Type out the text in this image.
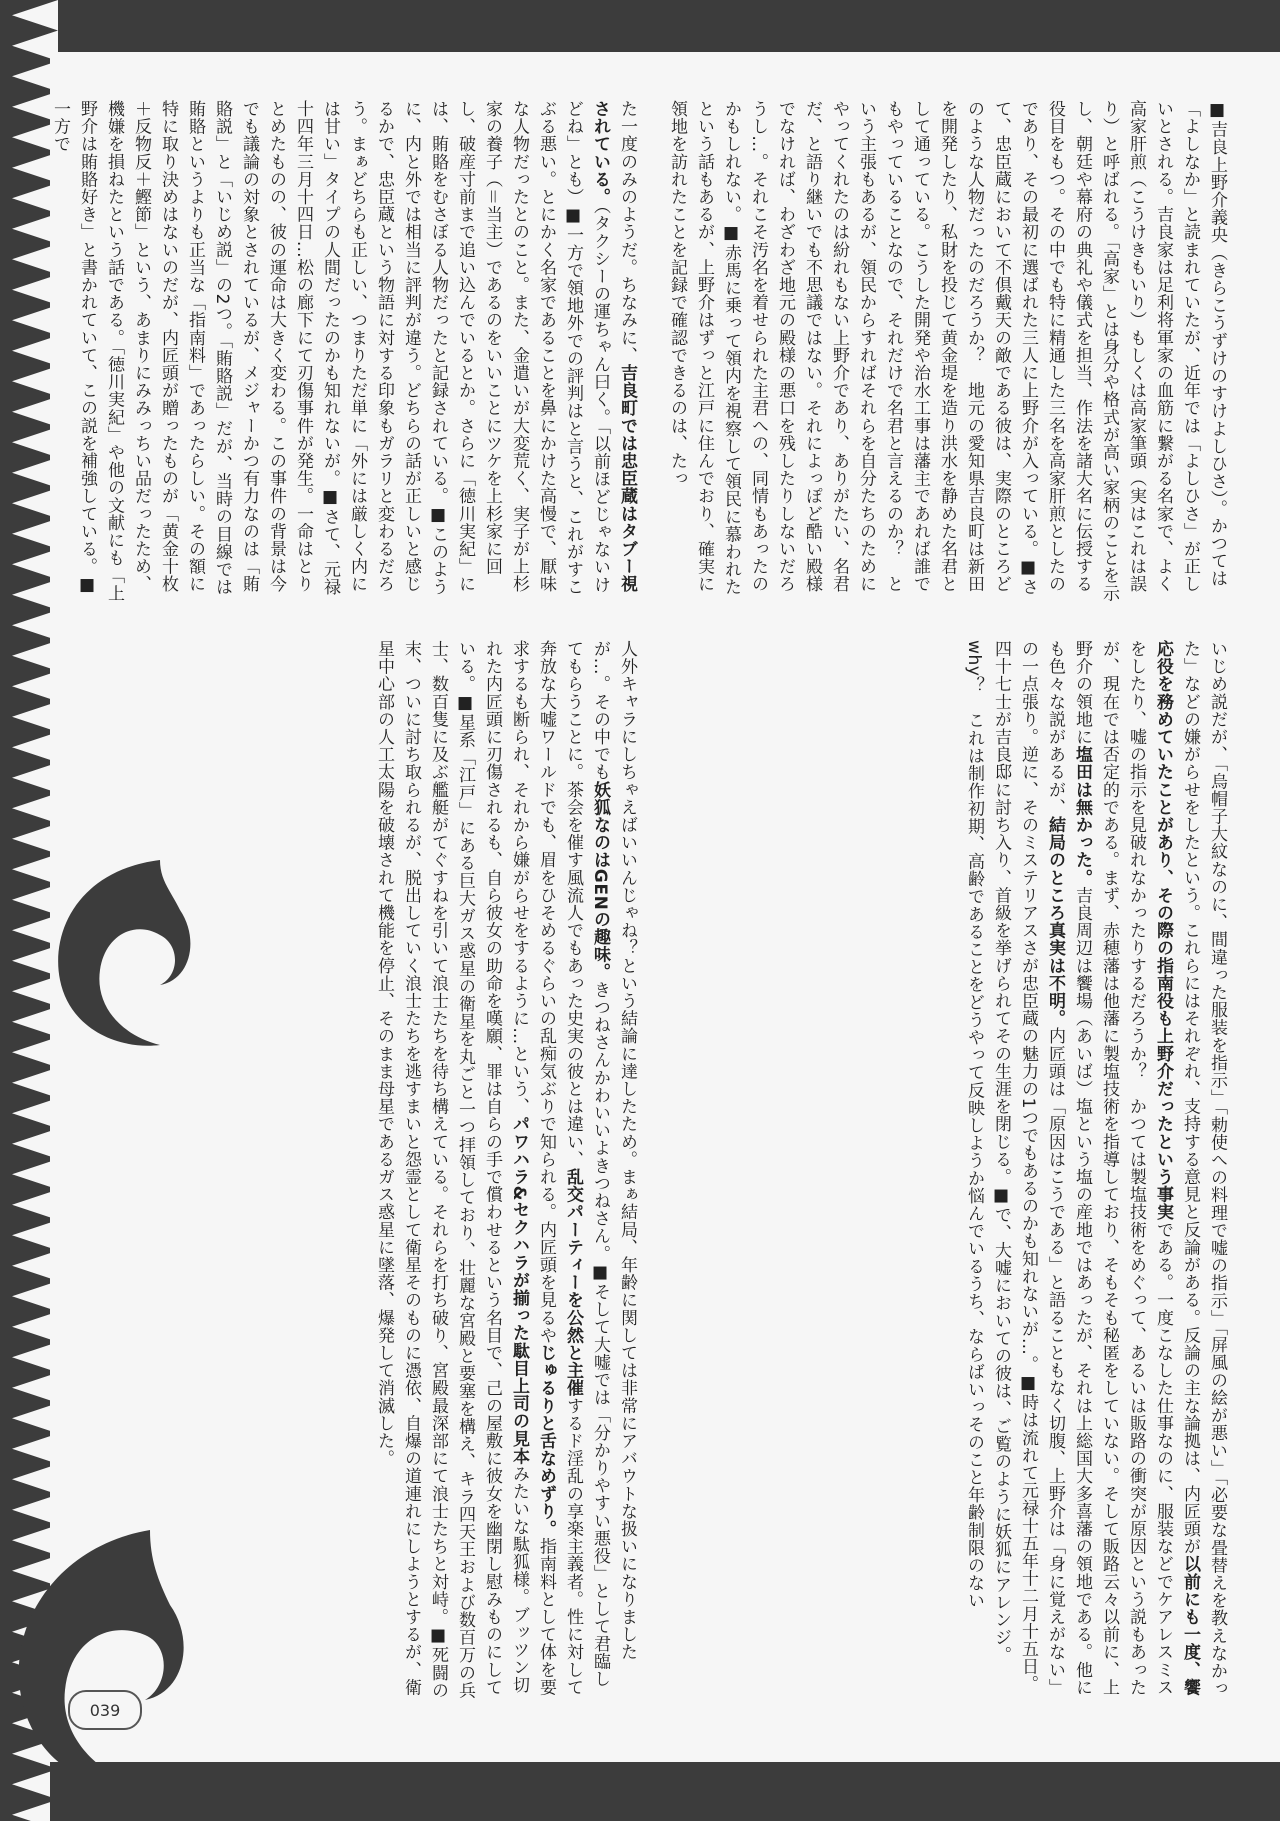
■吉良上野介義央（きらこうずけのすけよしひさ）。かつては「よしなか」と読まれていたが、近年では「よしひさ」が正しいとされる。吉良家は足利将軍家の血筋に繋がる名家で、よく高家肝煎（こうけきもいり）もしくは高家筆頭（実はこれは誤り）と呼ばれる。「高家」とは身分や格式が高い家柄のことを示し、朝廷や幕府の典礼や儀式を担当、作法を諸大名に伝授する役目をもつ。その中でも特に精通した三名を高家肝煎としたのであり、その最初に選ばれた三人に上野介が入っている。■さて、忠臣蔵において不倶戴天の敵である彼は、実際のところどのような人物だったのだろうか？　地元の愛知県吉良町は新田を開発したり、私財を投じて黄金堤を造り洪水を静めた名君として通っている。こうした開発や治水工事は藩主であれば誰でもやっていることなので、それだけで名君と言えるのか？　という主張もあるが、領民からすればそれらを自分たちのためにやってくれたのは紛れもない上野介であり、ありがたい、名君だ、と語り継いでも不思議ではない。それによっぽど酷い殿様でなければ、わざわざ地元の殿様の悪口を残したりしないだろうし…。それこそ汚名を着せられた主君への、同情もあったのかもしれない。■赤馬に乗って領内を視察して領民に慕われたという話もあるが、上野介はずっと江戸に住んでおり、確実に領地を訪れたことを記録で確認できるのは、たっ
た一度のみのようだ。ちなみに、吉良町では忠臣蔵はタブー視されている。（タクシーの運ちゃん曰く。「以前ほどじゃないけどね」とも）■一方で領地外での評判はと言うと、これがすこぶる悪い。とにかく名家であることを鼻にかけた高慢で、厭味な人物だったとのこと。また、金遣いが大変荒く、実子が上杉家の養子（＝当主）であるのをいいことにツケを上杉家に回し、破産寸前まで追い込んでいるとか。さらに「徳川実紀」には、賄賂をむさぼる人物だったと記録されている。■このように、内と外では相当に評判が違う。どちらの話が正しいと感じるかで、忠臣蔵という物語に対する印象もガラリと変わるだろう。まぁどちらも正しい、つまりただ単に「外には厳しく内には甘い」タイプの人間だったのかも知れないが。■さて、元禄十四年三月十四日…松の廊下にて刃傷事件が発生。一命はとりとめたものの、彼の運命は大きく変わる。この事件の背景は今でも議論の対象とされているが、メジャーかつ有力なのは「賄賂説」と「いじめ説」の2つ。「賄賂説」だが、当時の目線では賄賂というよりも正当な「指南料」であったらしい。その額に特に取り決めはないのだが、内匠頭が贈ったものが「黄金十枚＋反物反＋鰹節」という、あまりにみみっちい品だったため、機嫌を損ねたという話である。「徳川実紀」や他の文献にも「上野介は賄賂好き」と書かれていて、この説を補強している。■一方で
いじめ説だが、「烏帽子大紋なのに、間違った服装を指示」「勅使への料理で嘘の指示」「屏風の絵が悪い」「必要な畳替えを教えなかった」などの嫌がらせをしたという。これらにはそれぞれ、支持する意見と反論がある。反論の主な論拠は、内匠頭が以前にも一度、饗応役を務めていたことがあり、その際の指南役も上野介だったという事実である。一度こなした仕事なのに、服装などでケアレスミスをしたり、嘘の指示を見破れなかったりするだろうか？　かつては製塩技術をめぐって、あるいは販路の衝突が原因という説もあったが、現在では否定的である。まず、赤穂藩は他藩に製塩技術を指導しており、そもそも秘匿をしていない。そして販路云々以前に、上野介の領地に塩田は無かった。吉良周辺は饗場（あいば）塩という塩の産地ではあったが、それは上総国大多喜藩の領地である。他にも色々な説があるが、結局のところ真実は不明。内匠頭は「原因はこうである」と語ることもなく切腹、上野介は「身に覚えがない」の一点張り。逆に、そのミステリアスさが忠臣蔵の魅力の1つでもあるのかも知れないが…。■時は流れて元禄十五年十二月十五日。四十七士が吉良邸に討ち入り、首級を挙げられてその生涯を閉じる。■で、大嘘においての彼は、ご覧のように妖狐にアレンジ。why？　これは制作初期、高齢であることをどうやって反映しようか悩んでいるうち、ならばいっそのこと年齢制限のない
人外キャラにしちゃえばいいんじゃね？という結論に達したため。まぁ結局、年齢に関しては非常にアバウトな扱いになりましたが…。その中でも妖狐なのはGENの趣味。きつねさんかわいいよきつねさん。■そして大嘘では「分かりやすい悪役」として君臨してもらうことに。茶会を催す風流人でもあった史実の彼とは違い、乱交パーティーを公然と主催するド淫乱の享楽主義者。性に対して奔放な大嘘ワールドでも、眉をひそめるぐらいの乱痴気ぶりで知られる。内匠頭を見るやじゅるりと舌なめずり。指南料として体を要求するも断られ、それから嫌がらせをするように…という、パワハラ&セクハラが揃った駄目上司の見本みたいな駄狐様。ブッツン切れた内匠頭に刃傷されるも、自ら彼女の助命を嘆願、罪は自らの手で償わせるという名目で、己の屋敷に彼女を幽閉し慰みものにしている。■星系「江戸」にある巨大ガス惑星の衛星を丸ごと一つ拝領しており、壮麗な宮殿と要塞を構え、キラ四天王および数百万の兵士、数百隻に及ぶ艦艇がてぐすねを引いて浪士たちを待ち構えている。それらを打ち破り、宮殿最深部にて浪士たちと対峙。■死闘の末、ついに討ち取られるが、脱出していく浪士たちを逃すまいと怨霊として衛星そのものに憑依、自爆の道連れにしようとするが、衛星中心部の人工太陽を破壊されて機能を停止、そのまま母星であるガス惑星に墜落、爆発して消滅した。
039
